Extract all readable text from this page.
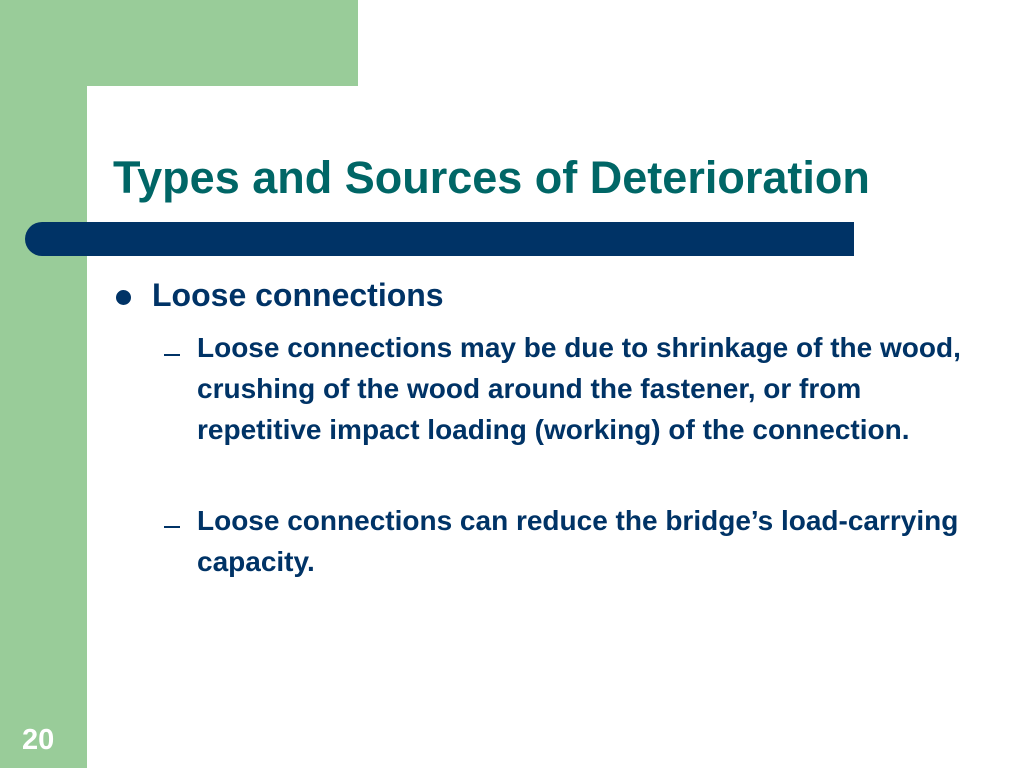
Types and Sources of Deterioration
Loose connections
Loose connections may be due to shrinkage of the wood, crushing of the wood around the fastener, or from repetitive impact loading (working) of the connection.
Loose connections can reduce the bridge’s load-carrying capacity.
20
